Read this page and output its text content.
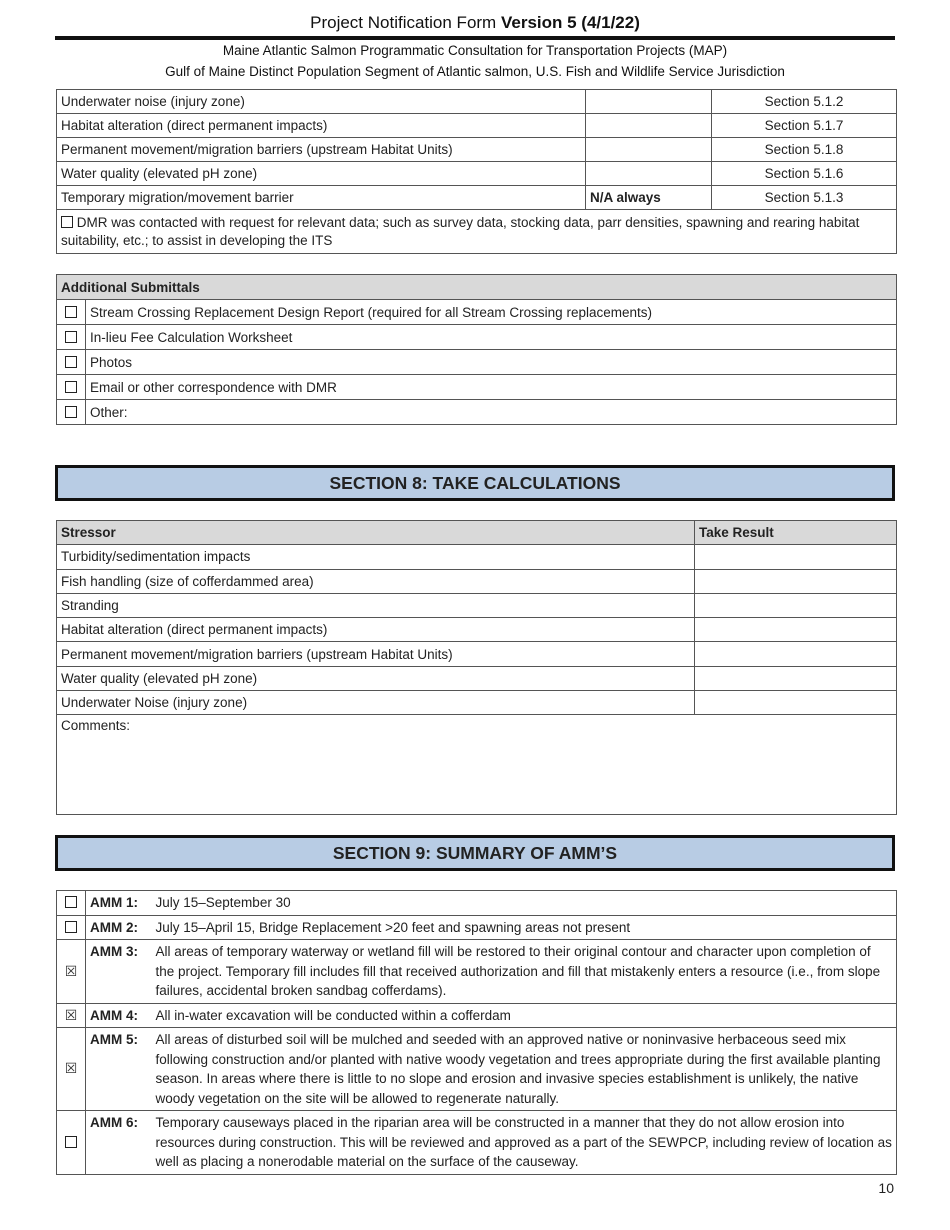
Project Notification Form Version 5 (4/1/22)
Maine Atlantic Salmon Programmatic Consultation for Transportation Projects (MAP)
Gulf of Maine Distinct Population Segment of Atlantic salmon, U.S. Fish and Wildlife Service Jurisdiction
Underwater noise (injury zone)		Section 5.1.2
Habitat alteration (direct permanent impacts)		Section 5.1.7
Permanent movement/migration barriers (upstream Habitat Units)		Section 5.1.8
Water quality (elevated pH zone)		Section 5.1.6
Temporary migration/movement barrier	N/A always	Section 5.1.3
DMR was contacted with request for relevant data; such as survey data, stocking data, parr densities, spawning and rearing habitat suitability, etc.; to assist in developing the ITS		
Additional Submittals	
	Stream Crossing Replacement Design Report (required for all Stream Crossing replacements)
	In-lieu Fee Calculation Worksheet
	Photos
	Email or other correspondence with DMR
	Other:
SECTION 8: TAKE CALCULATIONS
Stressor	Take Result
Turbidity/sedimentation impacts	
Fish handling (size of cofferdammed area)	
Stranding	
Habitat alteration (direct permanent impacts)	
Permanent movement/migration barriers (upstream Habitat Units)	
Water quality (elevated pH zone)	
Underwater Noise (injury zone)	
Comments:	
SECTION 9: SUMMARY OF AMM’S
	AMM 1:	July 15–September 30
	AMM 2:	July 15–April 15, Bridge Replacement >20 feet and spawning areas not present
☒	AMM 3:	All areas of temporary waterway or wetland fill will be restored to their original contour and character upon completion of the project. Temporary fill includes fill that received authorization and fill that mistakenly enters a resource (i.e., from slope failures, accidental broken sandbag cofferdams).
☒	AMM 4:	All in-water excavation will be conducted within a cofferdam
☒	AMM 5:	All areas of disturbed soil will be mulched and seeded with an approved native or noninvasive herbaceous seed mix following construction and/or planted with native woody vegetation and trees appropriate during the first available planting season. In areas where there is little to no slope and erosion and invasive species establishment is unlikely, the native woody vegetation on the site will be allowed to regenerate naturally.
	AMM 6:	Temporary causeways placed in the riparian area will be constructed in a manner that they do not allow erosion into resources during construction. This will be reviewed and approved as a part of the SEWPCP, including review of location as well as placing a nonerodable material on the surface of the causeway.
10
